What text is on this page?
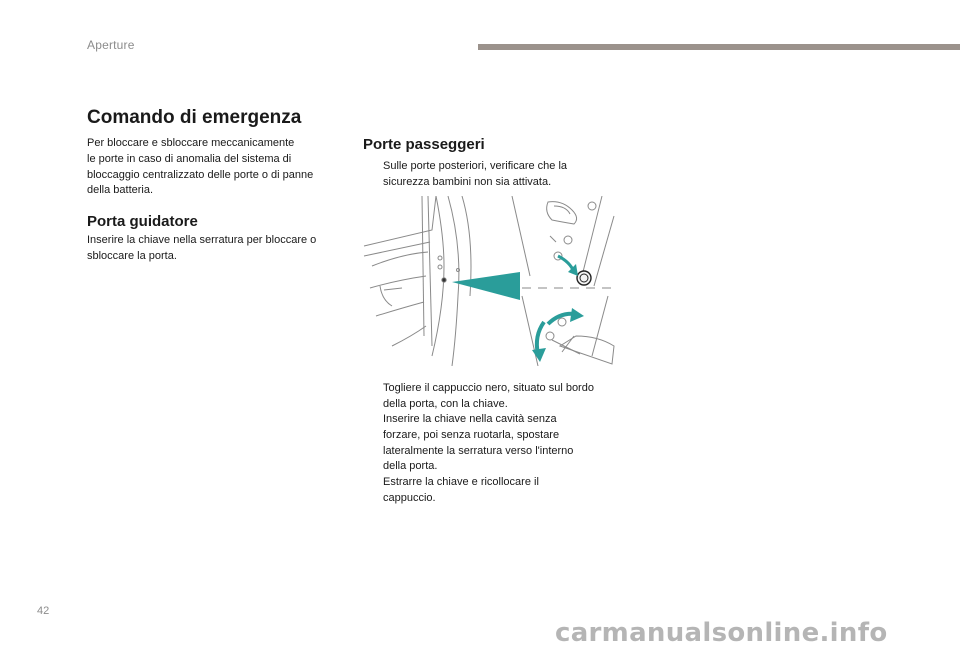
Aperture
Comando di emergenza
Per bloccare e sbloccare meccanicamente
le porte in caso di anomalia del sistema di
bloccaggio centralizzato delle porte o di panne
della batteria.
Porta guidatore
Inserire la chiave nella serratura per bloccare o
sbloccare la porta.
Porte passeggeri
Sulle porte posteriori, verificare che la
sicurezza bambini non sia attivata.
Togliere il cappuccio nero, situato sul bordo
della porta, con la chiave.
Inserire la chiave nella cavità senza
forzare, poi senza ruotarla, spostare
lateralmente la serratura verso l'interno
della porta.
Estrarre la chiave e ricollocare il
cappuccio.
42
carmanualsonline.info
